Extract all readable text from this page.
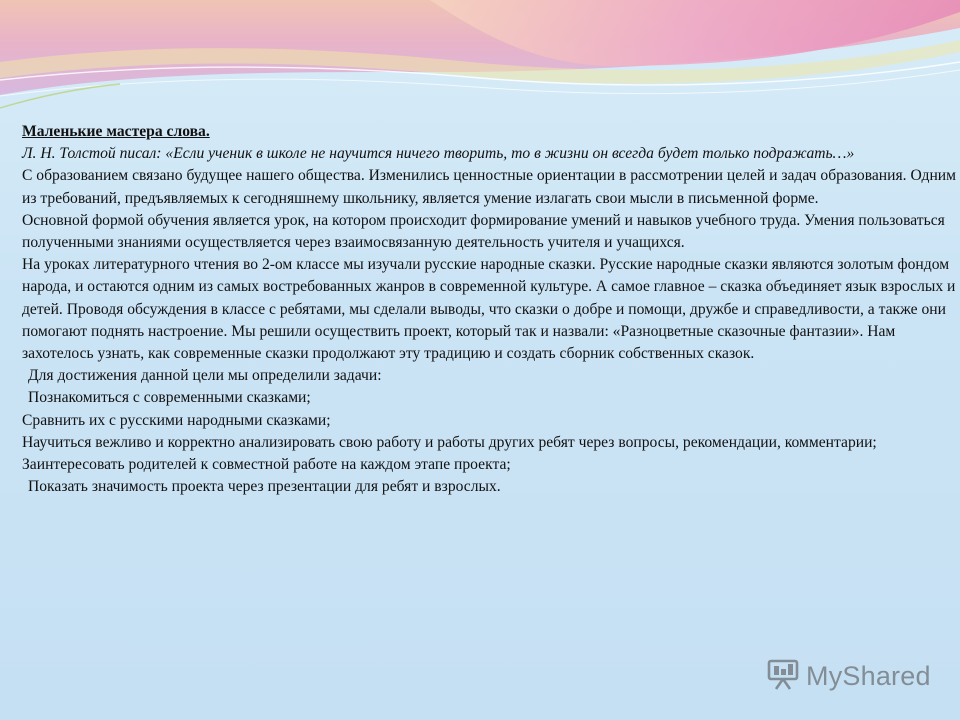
Маленькие мастера слова.

Л. Н. Толстой писал: «Если ученик в школе не научится ничего творить, то в жизни он всегда будет только подражать…»

С образованием связано будущее нашего общества. Изменились ценностные ориентации в рассмотрении целей и задач образования. Одним из требований, предъявляемых к сегодняшнему школьнику, является умение излагать свои мысли в письменной форме.

Основной формой обучения является урок, на котором происходит формирование умений и навыков учебного труда. Умения пользоваться полученными знаниями осуществляется через взаимосвязанную деятельность учителя и учащихся.

На уроках литературного чтения во 2-ом классе мы изучали русские народные сказки. Русские народные сказки являются золотым фондом народа, и остаются одним из самых востребованных жанров в современной культуре. А самое главное – сказка объединяет язык взрослых и детей. Проводя обсуждения в классе с ребятами, мы сделали выводы, что сказки о добре и помощи, дружбе и справедливости, а также они помогают поднять настроение. Мы решили осуществить проект, который так и назвали: «Разноцветные сказочные фантазии». Нам захотелось узнать, как современные сказки продолжают эту традицию и создать сборник собственных сказок.

Для достижения данной цели мы определили задачи:

Познакомиться с современными сказками;

Сравнить их с русскими народными сказками;

Научиться вежливо и корректно анализировать свою работу и работы других ребят через вопросы, рекомендации, комментарии;

Заинтересовать родителей к совместной работе на каждом этапе проекта;

Показать значимость проекта через презентации для ребят и взрослых.

MyShared
